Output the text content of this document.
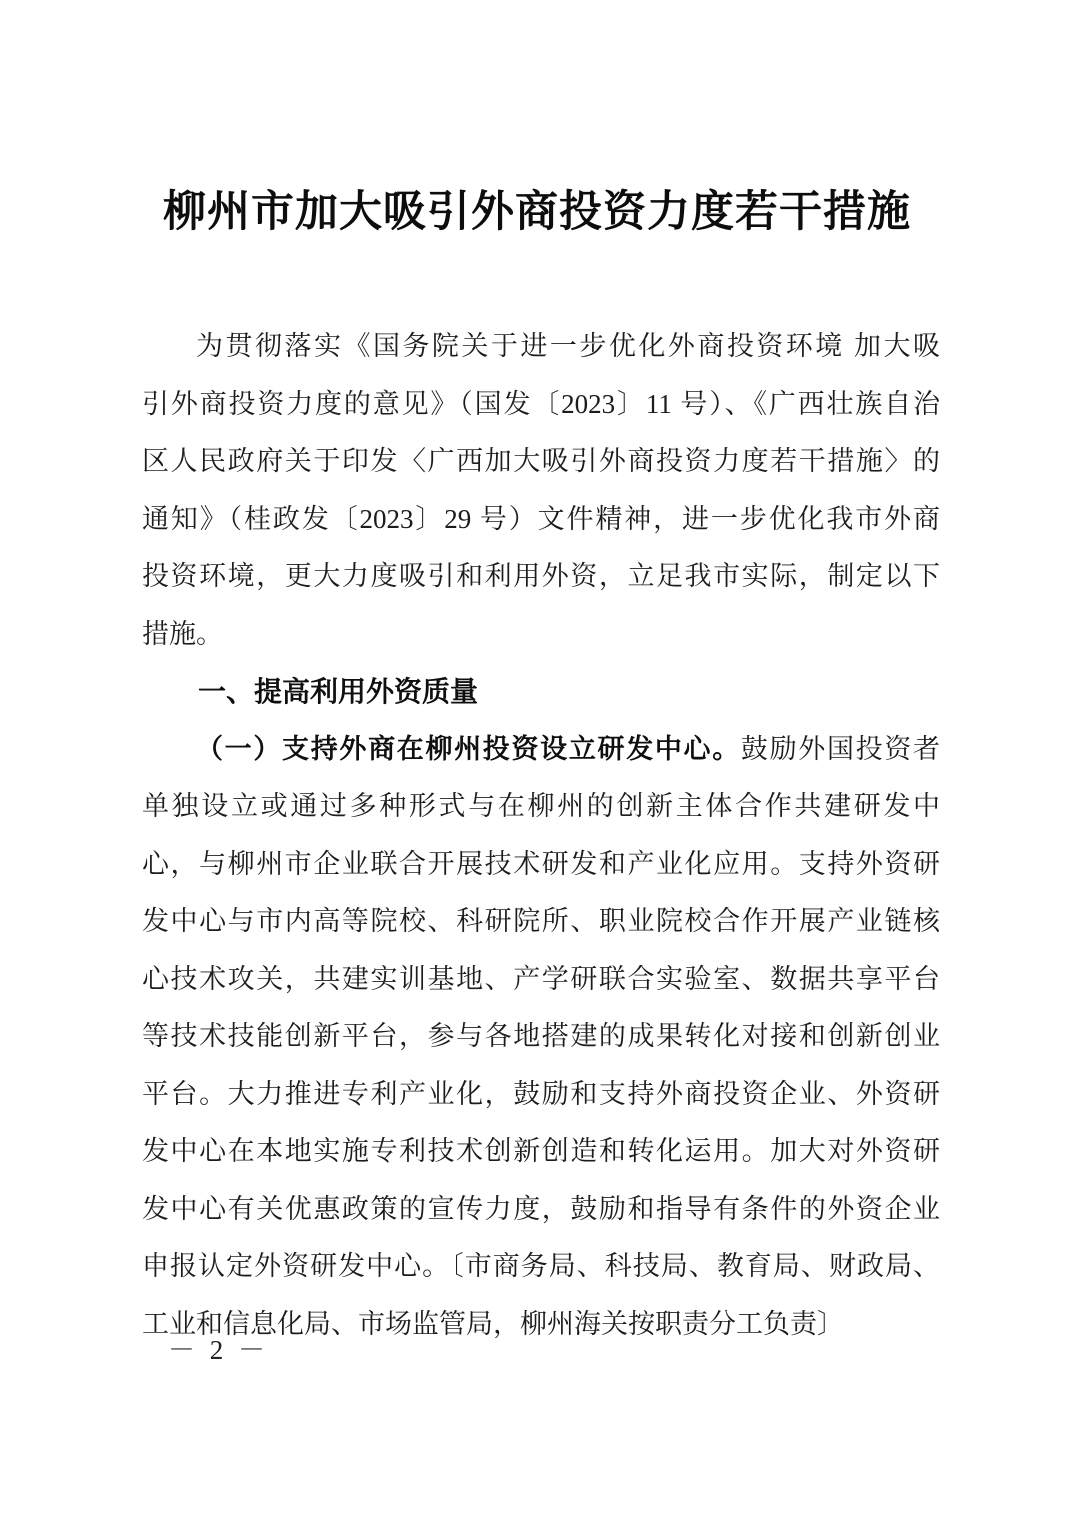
柳州市加大吸引外商投资力度若干措施
为贯彻落实《国务院关于进一步优化外商投资环境 加大吸
引外商投资力度的意见》（国发〔2023〕11 号）、《广西壮族自治
区人民政府关于印发〈广西加大吸引外商投资力度若干措施〉的
通知》（桂政发〔2023〕29 号）文件精神，进一步优化我市外商
投资环境，更大力度吸引和利用外资，立足我市实际，制定以下
措施。
一、提高利用外资质量
（一）支持外商在柳州投资设立研发中心。鼓励外国投资者
单独设立或通过多种形式与在柳州的创新主体合作共建研发中
心，与柳州市企业联合开展技术研发和产业化应用。支持外资研
发中心与市内高等院校、科研院所、职业院校合作开展产业链核
心技术攻关，共建实训基地、产学研联合实验室、数据共享平台
等技术技能创新平台，参与各地搭建的成果转化对接和创新创业
平台。大力推进专利产业化，鼓励和支持外商投资企业、外资研
发中心在本地实施专利技术创新创造和转化运用。加大对外资研
发中心有关优惠政策的宣传力度，鼓励和指导有条件的外资企业
申报认定外资研发中心。〔市商务局、科技局、教育局、财政局、
工业和信息化局、市场监管局，柳州海关按职责分工负责〕
－ 2 －
